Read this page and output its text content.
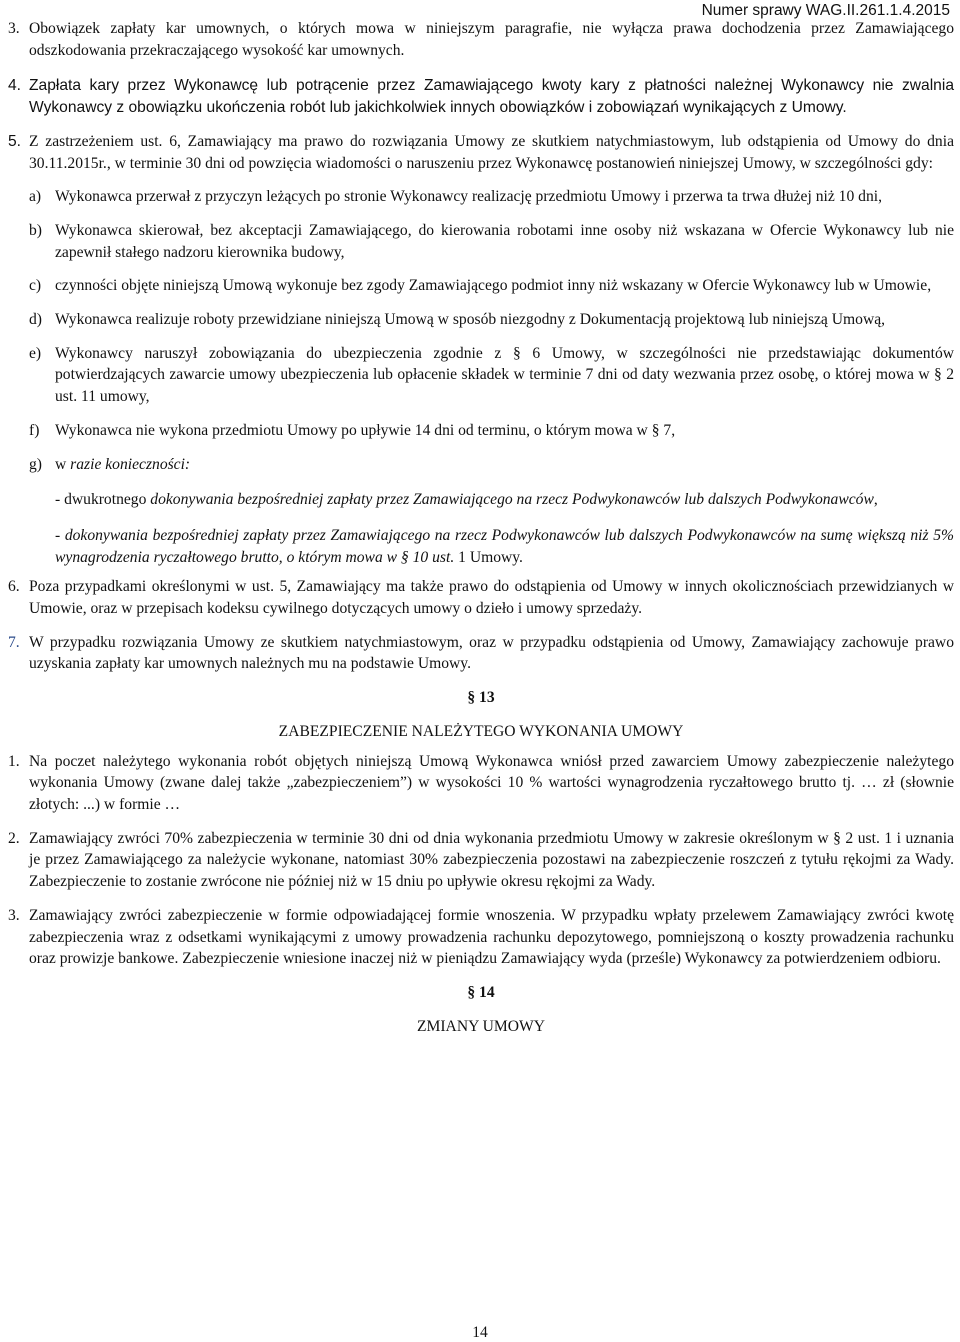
Numer sprawy WAG.II.261.1.4.2015
3. Obowiązek zapłaty kar umownych, o których mowa w niniejszym paragrafie, nie wyłącza prawa dochodzenia przez Zamawiającego odszkodowania przekraczającego wysokość kar umownych.
4. Zapłata kary przez Wykonawcę lub potrącenie przez Zamawiającego kwoty kary z płatności należnej Wykonawcy nie zwalnia Wykonawcy z obowiązku ukończenia robót lub jakichkolwiek innych obowiązków i zobowiązań wynikających z Umowy.
5. Z zastrzeżeniem ust. 6, Zamawiający ma prawo do rozwiązania Umowy ze skutkiem natychmiastowym, lub odstąpienia od Umowy do dnia 30.11.2015r., w terminie 30 dni od powzięcia wiadomości o naruszeniu przez Wykonawcę postanowień niniejszej Umowy, w szczególności gdy:
a) Wykonawca przerwał z przyczyn leżących po stronie Wykonawcy realizację przedmiotu Umowy i przerwa ta trwa dłużej niż 10 dni,
b) Wykonawca skierował, bez akceptacji Zamawiającego, do kierowania robotami inne osoby niż wskazana w Ofercie Wykonawcy lub nie zapewnił stałego nadzoru kierownika budowy,
c) czynności objęte niniejszą Umową wykonuje bez zgody Zamawiającego podmiot inny niż wskazany w Ofercie Wykonawcy lub w Umowie,
d) Wykonawca realizuje roboty przewidziane niniejszą Umową w sposób niezgodny z Dokumentacją projektową lub niniejszą Umową,
e) Wykonawcy naruszył zobowiązania do ubezpieczenia zgodnie z § 6 Umowy, w szczególności nie przedstawiając dokumentów potwierdzających zawarcie umowy ubezpieczenia lub opłacenie składek w terminie 7 dni od daty wezwania przez osobę, o której mowa w § 2 ust. 11 umowy,
f)	Wykonawca nie wykona przedmiotu Umowy po upływie 14 dni od terminu, o którym mowa w § 7,
g) w razie konieczności:

- dwukrotnego dokonywania bezpośredniej zapłaty przez Zamawiającego na rzecz Podwykonawców lub dalszych Podwykonawców,

- dokonywania bezpośredniej zapłaty przez Zamawiającego na rzecz Podwykonawców lub dalszych Podwykonawców na sumę większą niż 5% wynagrodzenia ryczałtowego brutto, o którym mowa w § 10 ust. 1 Umowy.

6. Poza przypadkami określonymi w ust. 5, Zamawiający ma także prawo do odstąpienia od Umowy w innych okolicznościach przewidzianych w Umowie, oraz w przepisach kodeksu cywilnego dotyczących umowy o dzieło i umowy sprzedaży.
7. W przypadku rozwiązania Umowy ze skutkiem natychmiastowym, oraz w przypadku odstąpienia od Umowy, Zamawiający zachowuje prawo uzyskania zapłaty kar umownych należnych mu na podstawie Umowy.
§ 13
ZABEZPIECZENIE NALEŻYTEGO WYKONANIA UMOWY
1. Na poczet należytego wykonania robót objętych niniejszą Umową Wykonawca wniósł przed zawarciem Umowy zabezpieczenie należytego wykonania Umowy (zwane dalej także „zabezpieczeniem”) w wysokości 10 % wartości wynagrodzenia ryczałtowego brutto tj. … zł (słownie złotych: ...) w formie …
2. Zamawiający zwróci 70% zabezpieczenia w terminie 30 dni od dnia wykonania przedmiotu Umowy w zakresie określonym w § 2 ust. 1 i uznania je przez Zamawiającego za należycie wykonane, natomiast 30% zabezpieczenia pozostawi na zabezpieczenie roszczeń z tytułu rękojmi za Wady. Zabezpieczenie to zostanie zwrócone nie później niż w 15 dniu po upływie okresu rękojmi za Wady.
3. Zamawiający zwróci zabezpieczenie w formie odpowiadającej formie wnoszenia. W przypadku wpłaty przelewem Zamawiający zwróci kwotę zabezpieczenia wraz z odsetkami wynikającymi z umowy prowadzenia rachunku depozytowego, pomniejszoną o koszty prowadzenia rachunku oraz prowizje bankowe. Zabezpieczenie wniesione inaczej niż w pieniądzu Zamawiający wyda (prześle) Wykonawcy za potwierdzeniem odbioru.
§ 14
ZMIANY UMOWY
14
